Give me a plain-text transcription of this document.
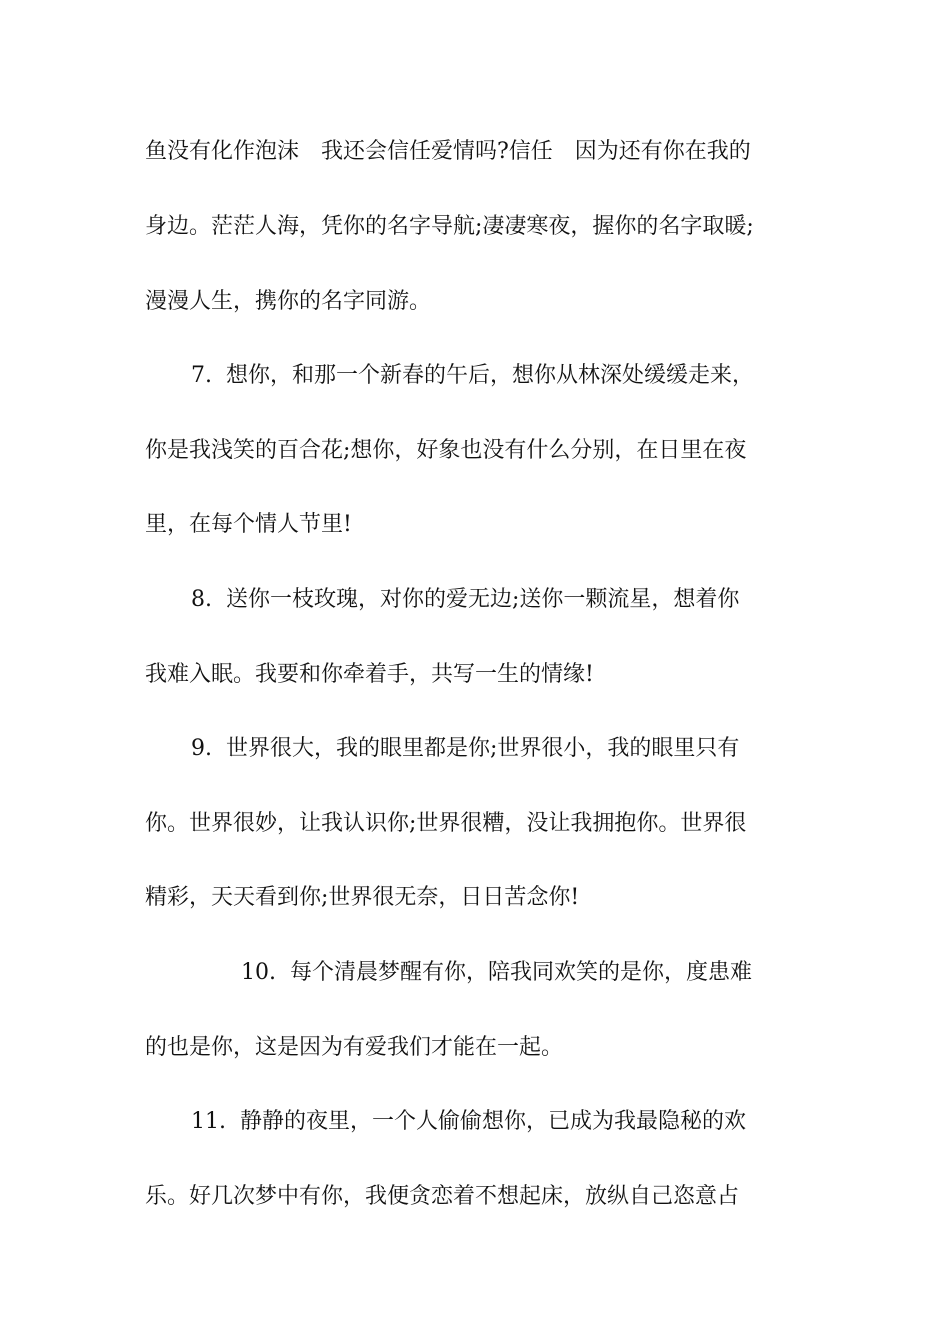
鱼没有化作泡沫　我还会信任爱情吗?信任　因为还有你在我的
身边。茫茫人海，凭你的名字导航;凄凄寒夜，握你的名字取暖;
漫漫人生，携你的名字同游。
7.  想你，和那一个新春的午后，想你从林深处缓缓走来，
你是我浅笑的百合花;想你，好象也没有什么分别，在日里在夜
里，在每个情人节里!
8.  送你一枝玫瑰，对你的爱无边;送你一颗流星，想着你
我难入眠。我要和你牵着手，共写一生的情缘!
9.  世界很大，我的眼里都是你;世界很小，我的眼里只有
你。世界很妙，让我认识你;世界很糟，没让我拥抱你。世界很
精彩，天天看到你;世界很无奈，日日苦念你!
10.  每个清晨梦醒有你，陪我同欢笑的是你，度患难
的也是你，这是因为有爱我们才能在一起。
11.  静静的夜里，一个人偷偷想你，已成为我最隐秘的欢
乐。好几次梦中有你，我便贪恋着不想起床，放纵自己恣意占
